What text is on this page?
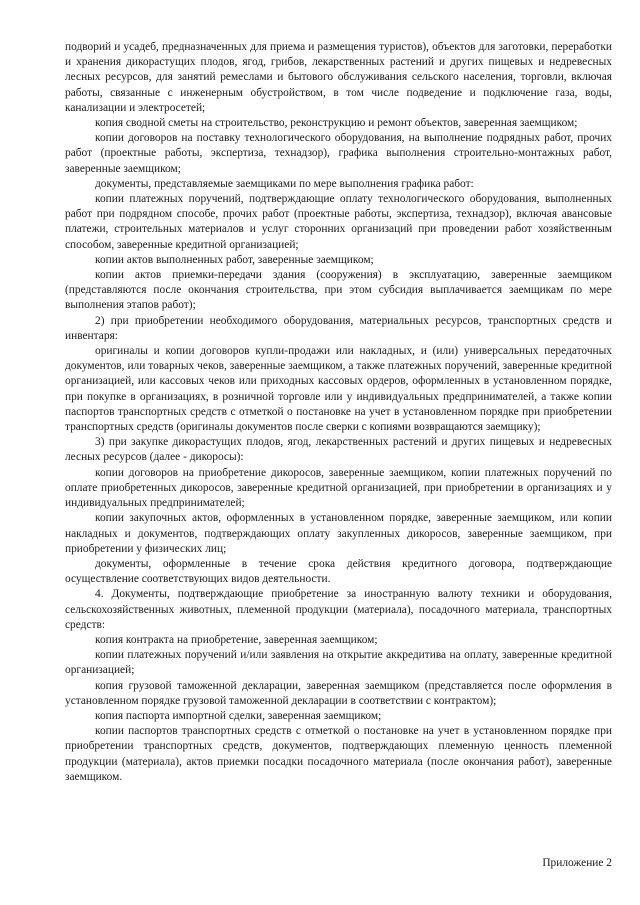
подворий и усадеб, предназначенных для приема и размещения туристов), объектов для заготовки, переработки и хранения дикорастущих плодов, ягод, грибов, лекарственных растений и других пищевых и недревесных лесных ресурсов, для занятий ремеслами и бытового обслуживания сельского населения, торговли, включая работы, связанные с инженерным обустройством, в том числе подведение и подключение газа, воды, канализации и электросетей;

копия сводной сметы на строительство, реконструкцию и ремонт объектов, заверенная заемщиком;

копии договоров на поставку технологического оборудования, на выполнение подрядных работ, прочих работ (проектные работы, экспертиза, технадзор), графика выполнения строительно-монтажных работ, заверенные заемщиком;

документы, представляемые заемщиками по мере выполнения графика работ:

копии платежных поручений, подтверждающие оплату технологического оборудования, выполненных работ при подрядном способе, прочих работ (проектные работы, экспертиза, технадзор), включая авансовые платежи, строительных материалов и услуг сторонних организаций при проведении работ хозяйственным способом, заверенные кредитной организацией;

копии актов выполненных работ, заверенные заемщиком;

копии актов приемки-передачи здания (сооружения) в эксплуатацию, заверенные заемщиком (представляются после окончания строительства, при этом субсидия выплачивается заемщикам по мере выполнения этапов работ);

2) при приобретении необходимого оборудования, материальных ресурсов, транспортных средств и инвентаря:

оригиналы и копии договоров купли-продажи или накладных, и (или) универсальных передаточных документов, или товарных чеков, заверенные заемщиком, а также платежных поручений, заверенные кредитной организацией, или кассовых чеков или приходных кассовых ордеров, оформленных в установленном порядке, при покупке в организациях, в розничной торговле или у индивидуальных предпринимателей, а также копии паспортов транспортных средств с отметкой о постановке на учет в установленном порядке при приобретении транспортных средств (оригиналы документов после сверки с копиями возвращаются заемщику);

3) при закупке дикорастущих плодов, ягод, лекарственных растений и других пищевых и недревесных лесных ресурсов (далее - дикоросы):

копии договоров на приобретение дикоросов, заверенные заемщиком, копии платежных поручений по оплате приобретенных дикоросов, заверенные кредитной организацией, при приобретении в организациях и у индивидуальных предпринимателей;

копии закупочных актов, оформленных в установленном порядке, заверенные заемщиком, или копии накладных и документов, подтверждающих оплату закупленных дикоросов, заверенные заемщиком, при приобретении у физических лиц;

документы, оформленные в течение срока действия кредитного договора, подтверждающие осуществление соответствующих видов деятельности.

4. Документы, подтверждающие приобретение за иностранную валюту техники и оборудования, сельскохозяйственных животных, племенной продукции (материала), посадочного материала, транспортных средств:

копия контракта на приобретение, заверенная заемщиком;

копии платежных поручений и/или заявления на открытие аккредитива на оплату, заверенные кредитной организацией;

копия грузовой таможенной декларации, заверенная заемщиком (представляется после оформления в установленном порядке грузовой таможенной декларации в соответствии с контрактом);

копия паспорта импортной сделки, заверенная заемщиком;

копии паспортов транспортных средств с отметкой о постановке на учет в установленном порядке при приобретении транспортных средств, документов, подтверждающих племенную ценность племенной продукции (материала), актов приемки посадки посадочного материала (после окончания работ), заверенные заемщиком.

Приложение 2
